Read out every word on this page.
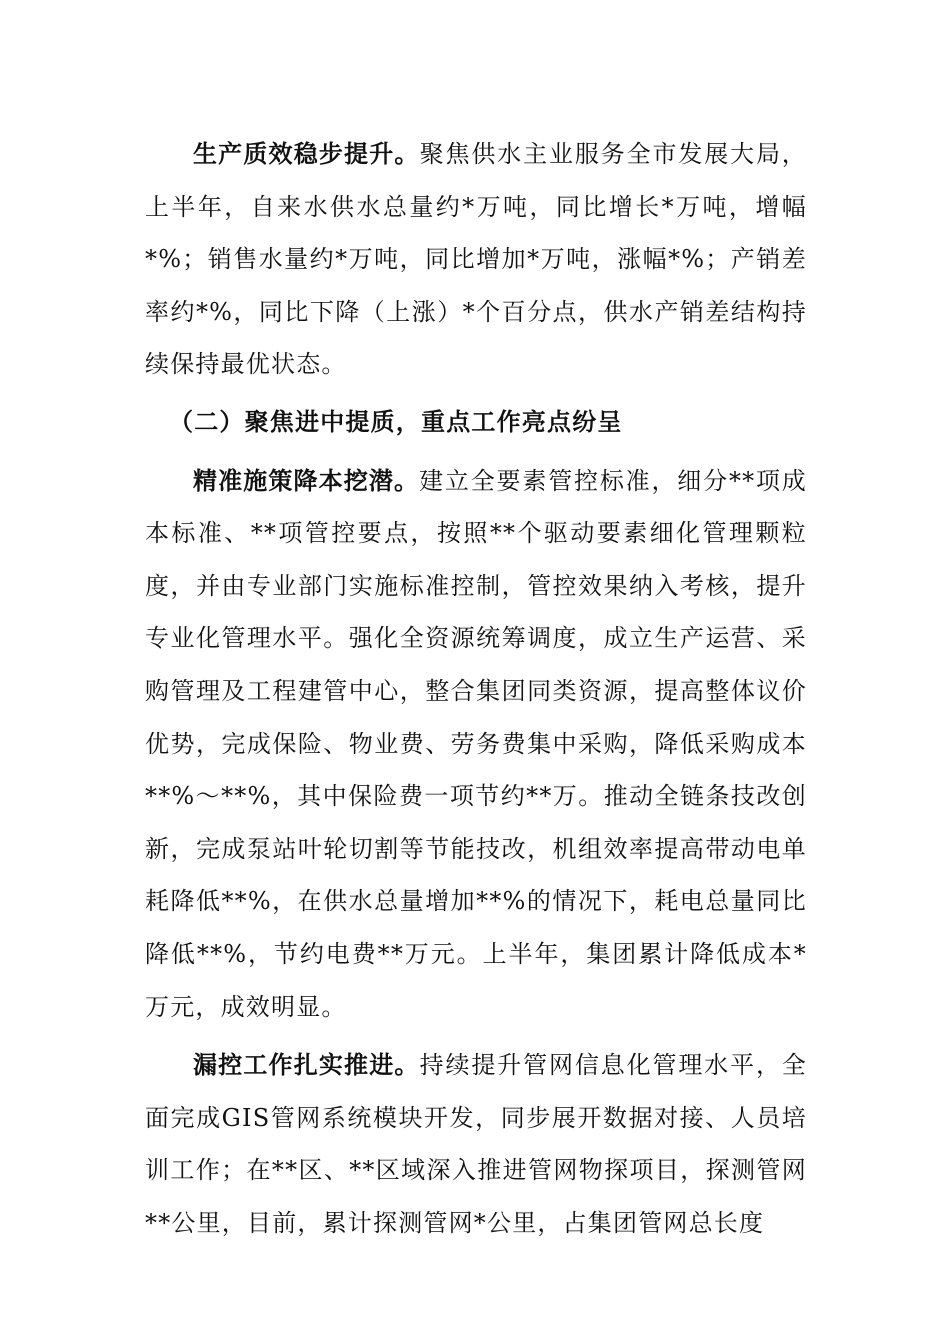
生产质效稳步提升。聚焦供水主业服务全市发展大局，上半年，自来水供水总量约*万吨，同比增长*万吨，增幅*%；销售水量约*万吨，同比增加*万吨，涨幅*%；产销差率约*%，同比下降（上涨）*个百分点，供水产销差结构持续保持最优状态。

（二）聚焦进中提质，重点工作亮点纷呈

精准施策降本挖潜。建立全要素管控标准，细分**项成本标准、**项管控要点，按照**个驱动要素细化管理颗粒度，并由专业部门实施标准控制，管控效果纳入考核，提升专业化管理水平。强化全资源统筹调度，成立生产运营、采购管理及工程建管中心，整合集团同类资源，提高整体议价优势，完成保险、物业费、劳务费集中采购，降低采购成本**%～**%，其中保险费一项节约**万。推动全链条技改创新，完成泵站叶轮切割等节能技改，机组效率提高带动电单耗降低**%，在供水总量增加**%的情况下，耗电总量同比降低**%，节约电费**万元。上半年，集团累计降低成本*万元，成效明显。

漏控工作扎实推进。持续提升管网信息化管理水平，全面完成GIS管网系统模块开发，同步展开数据对接、人员培训工作；在**区、**区域深入推进管网物探项目，探测管网**公里，目前，累计探测管网*公里，占集团管网总长度
